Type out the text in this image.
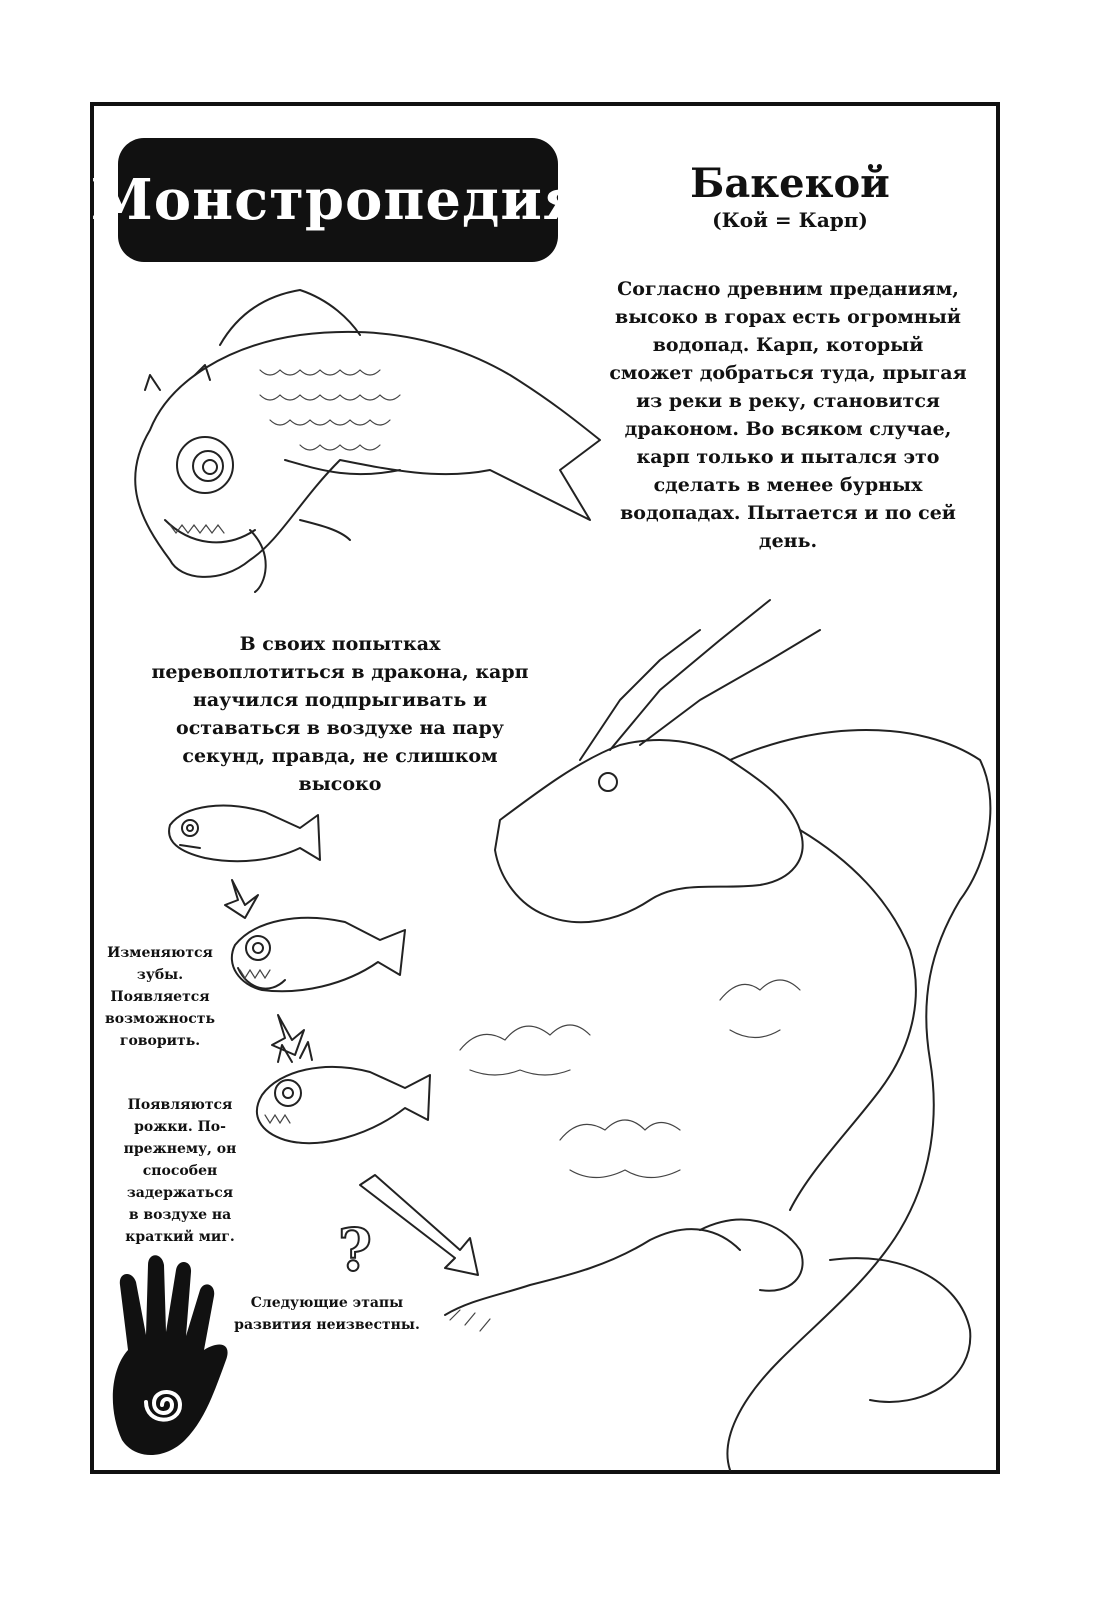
Монстропедия	Бакекой
(Кой = Карп)
Согласно древним преданиям, высоко в горах есть огромный водопад. Карп, который сможет добраться туда, прыгая из реки в реку, становится драконом. Во всяком случае, карп только и пытался это сделать в менее бурных водопадах. Пытается и по сей день.
В своих попытках перевоплотиться в дракона, карп научился подпрыгивать и оставаться в воздухе на пару секунд, правда, не слишком высоко
Изменяются зубы. Появляется возможность говорить.
Появляются рожки. По-прежнему, он способен задержаться в воздухе на краткий миг.
Следующие этапы развития неизвестны.
?
